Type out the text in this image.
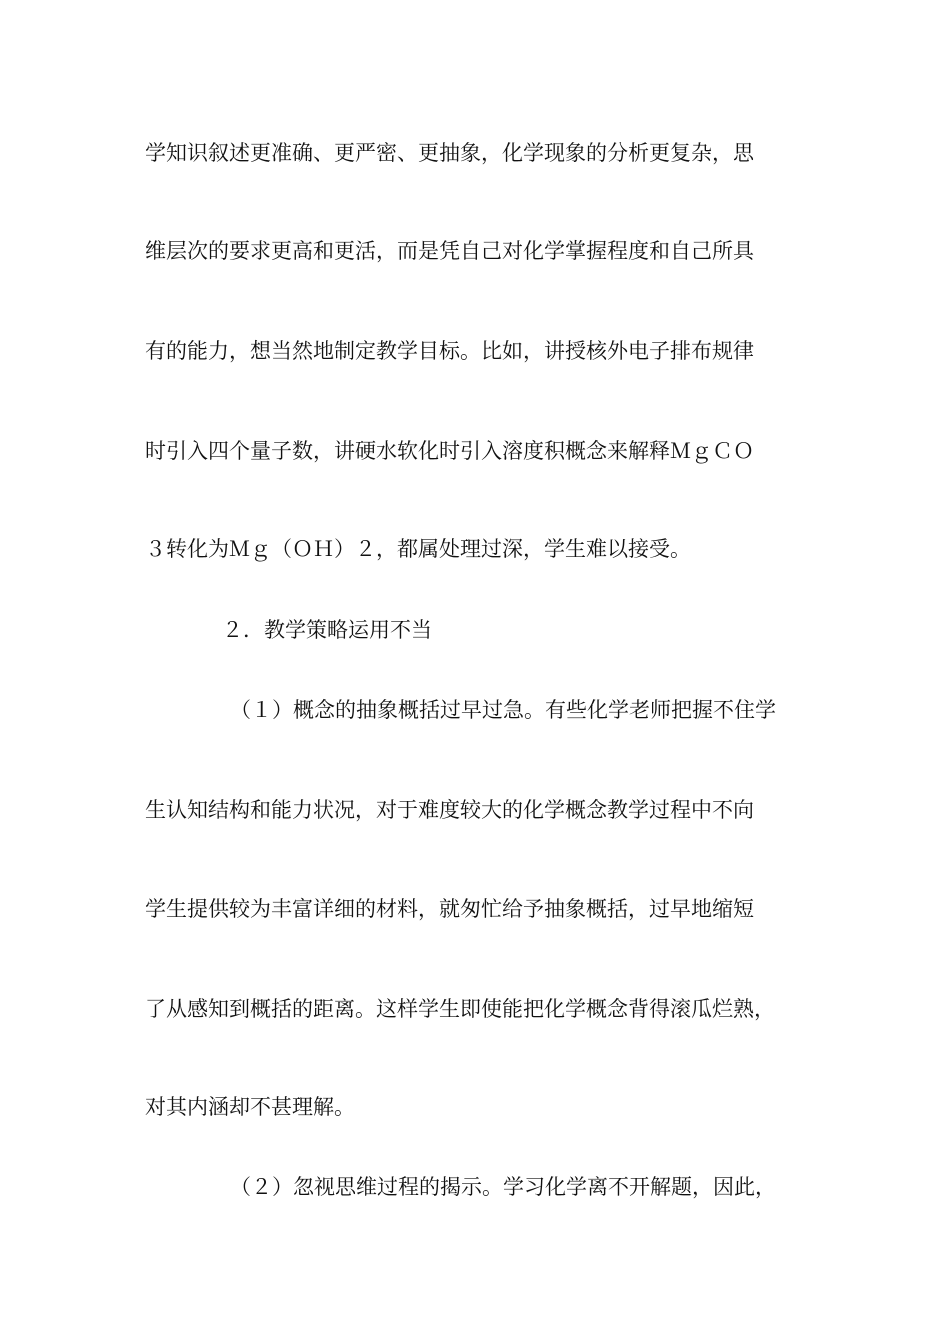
学知识叙述更准确、更严密、更抽象，化学现象的分析更复杂，思
维层次的要求更高和更活，而是凭自己对化学掌握程度和自己所具
有的能力，想当然地制定教学目标。比如，讲授核外电子排布规律
时引入四个量子数，讲硬水软化时引入溶度积概念来解释ＭｇＣＯ
３转化为Ｍｇ（ＯＨ）２，都属处理过深，学生难以接受。
２．教学策略运用不当
（１）概念的抽象概括过早过急。有些化学老师把握不住学
生认知结构和能力状况，对于难度较大的化学概念教学过程中不向
学生提供较为丰富详细的材料，就匆忙给予抽象概括，过早地缩短
了从感知到概括的距离。这样学生即使能把化学概念背得滚瓜烂熟，
对其内涵却不甚理解。
（２）忽视思维过程的揭示。学习化学离不开解题，因此，
